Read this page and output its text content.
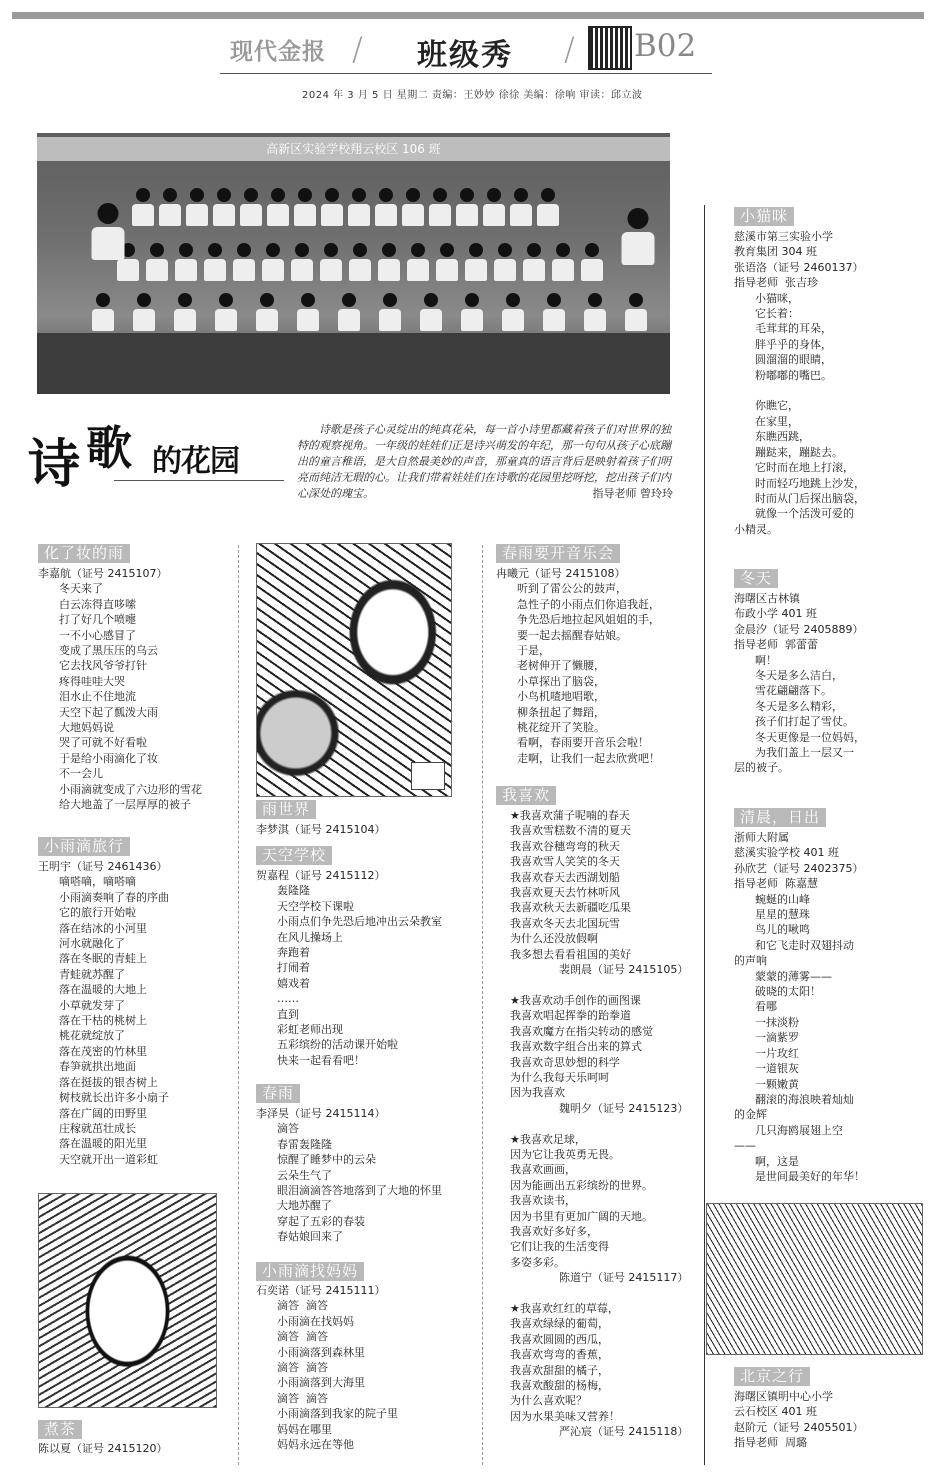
现代金报 / 班级秀 / B02
2024 年 3 月 5 日 星期二 责编：王妙妙 徐徐 美编：徐响 审读：邱立波
高新区实验学校翔云校区 106 班
诗 歌 的花园
诗歌是孩子心灵绽出的纯真花朵，每一首小诗里都藏着孩子们对世界的独特的观察视角。一年级的娃娃们正是诗兴萌发的年纪，那一句句从孩子心底蹦出的童言稚语，是大自然最美妙的声音，那童真的语言背后是映射着孩子们明亮而纯洁无瑕的心。让我们带着娃娃们在诗歌的花园里挖呀挖，挖出孩子们内心深处的瑰宝。	指导老师 曾玲玲
化了妆的雨
李嘉航（证号 2415107）
冬天来了
白云冻得直哆嗦
打了好几个喷嚏
一不小心感冒了
变成了黑压压的乌云
它去找风爷爷打针
疼得哇哇大哭
泪水止不住地流
天空下起了瓢泼大雨
大地妈妈说
哭了可就不好看啦
于是给小雨滴化了妆
不一会儿
小雨滴就变成了六边形的雪花
给大地盖了一层厚厚的被子
小雨滴旅行
王明宇（证号 2461436）
嘀嗒嘀，嘀嗒嘀
小雨滴奏响了春的序曲
它的旅行开始啦
落在结冰的小河里
河水就融化了
落在冬眠的青蛙上
青蛙就苏醒了
落在温暖的大地上
小草就发芽了
落在干枯的桃树上
桃花就绽放了
落在茂密的竹林里
春笋就拱出地面
落在挺拔的银杏树上
树枝就长出许多小扇子
落在广阔的田野里
庄稼就茁壮成长
落在温暖的阳光里
天空就开出一道彩虹
煮茶
陈以夏（证号 2415120）
雨世界
李梦淇（证号 2415104）
天空学校
贺嘉程（证号 2415112）
轰隆隆
天空学校下课啦
小雨点们争先恐后地冲出云朵教室
在风儿操场上
奔跑着
打闹着
嬉戏着
……
直到
彩虹老师出现
五彩缤纷的活动课开始啦
快来一起看看吧！
春雨
李泽昊（证号 2415114）
滴答
春雷轰隆隆
惊醒了睡梦中的云朵
云朵生气了
眼泪滴滴答答地落到了大地的怀里
大地苏醒了
穿起了五彩的春装
春姑娘回来了
小雨滴找妈妈
石奕诺（证号 2415111）
滴答  滴答
小雨滴在找妈妈
滴答  滴答
小雨滴落到森林里
滴答  滴答
小雨滴落到大海里
滴答  滴答
小雨滴落到我家的院子里
妈妈在哪里
妈妈永远在等他
春雨要开音乐会
冉曦元（证号 2415108）
听到了雷公公的鼓声，
急性子的小雨点们你追我赶，
争先恐后地拉起风姐姐的手，
要一起去摇醒春姑娘。
于是，
老树伸开了懒腰，
小草探出了脑袋，
小鸟机喳地唱歌，
柳条扭起了舞蹈，
桃花绽开了笑脸。
看啊，春雨要开音乐会啦！
走啊，让我们一起去欣赏吧！
我喜欢
★我喜欢蒲子呢喃的春天
我喜欢雪糕数不清的夏天
我喜欢谷穗弯弯的秋天
我喜欢雪人笑笑的冬天
我喜欢春天去西湖划船
我喜欢夏天去竹林听风
我喜欢秋天去新疆吃瓜果
我喜欢冬天去北国玩雪
为什么还没放假啊
我多想去看看祖国的美好
裴朗晨（证号 2415105）

★我喜欢动手创作的画图课
我喜欢唱起挥拳的跆拳道
我喜欢魔方在指尖转动的感觉
我喜欢数字组合出来的算式
我喜欢奇思妙想的科学
为什么我每天乐呵呵
因为我喜欢
魏明夕（证号 2415123）

★我喜欢足球，
因为它让我英勇无畏。
我喜欢画画，
因为能画出五彩缤纷的世界。
我喜欢读书，
因为书里有更加广阔的天地。
我喜欢好多好多，
它们让我的生活变得
多姿多彩。
陈道宁（证号 2415117）

★我喜欢红红的草莓，
我喜欢绿绿的葡萄，
我喜欢圆圆的西瓜，
我喜欢弯弯的香蕉，
我喜欢甜甜的橘子，
我喜欢酸甜的杨梅，
为什么喜欢呢？
因为水果美味又营养！
严沁宸（证号 2415118）
小猫咪
慈溪市第三实验小学
教育集团 304 班
张语洛（证号 2460137）
指导老师  张吉珍
小猫咪，
它长着：
毛茸茸的耳朵，
胖乎乎的身体，
圆溜溜的眼睛，
粉嘟嘟的嘴巴。

你瞧它，
在家里，
东瞧西跳，
蹦跶来，蹦跶去。
它时而在地上打滚，
时而轻巧地跳上沙发，
时而从门后探出脑袋，
就像一个活泼可爱的
小精灵。
冬天
海曙区古林镇
布政小学 401 班
金晨汐（证号 2405889）
指导老师  郭蕾蕾
啊！
冬天是多么洁白，
雪花翩翩落下。
冬天是多么精彩，
孩子们打起了雪仗。
冬天更像是一位妈妈，
为我们盖上一层又一
层的被子。
清晨，日出
浙师大附属
慈溪实验学校 401 班
孙欣艺（证号 2402375）
指导老师  陈嘉慧
蜿蜒的山峰
星星的慧珠
鸟儿的啾鸣
和它飞走时双翅抖动
的声响
蒙蒙的薄雾——
破晓的太阳！
看哪
一抹淡粉
一滴紫罗
一片玫红
一道银灰
一颗嫩黄
翻滚的海浪映着灿灿
的金辉
几只海鸥展翅上空
——
啊，这是
是世间最美好的年华！
北京之行
海曙区镇明中心小学
云石校区 401 班
赵阶元（证号 2405501）
指导老师  周璐
